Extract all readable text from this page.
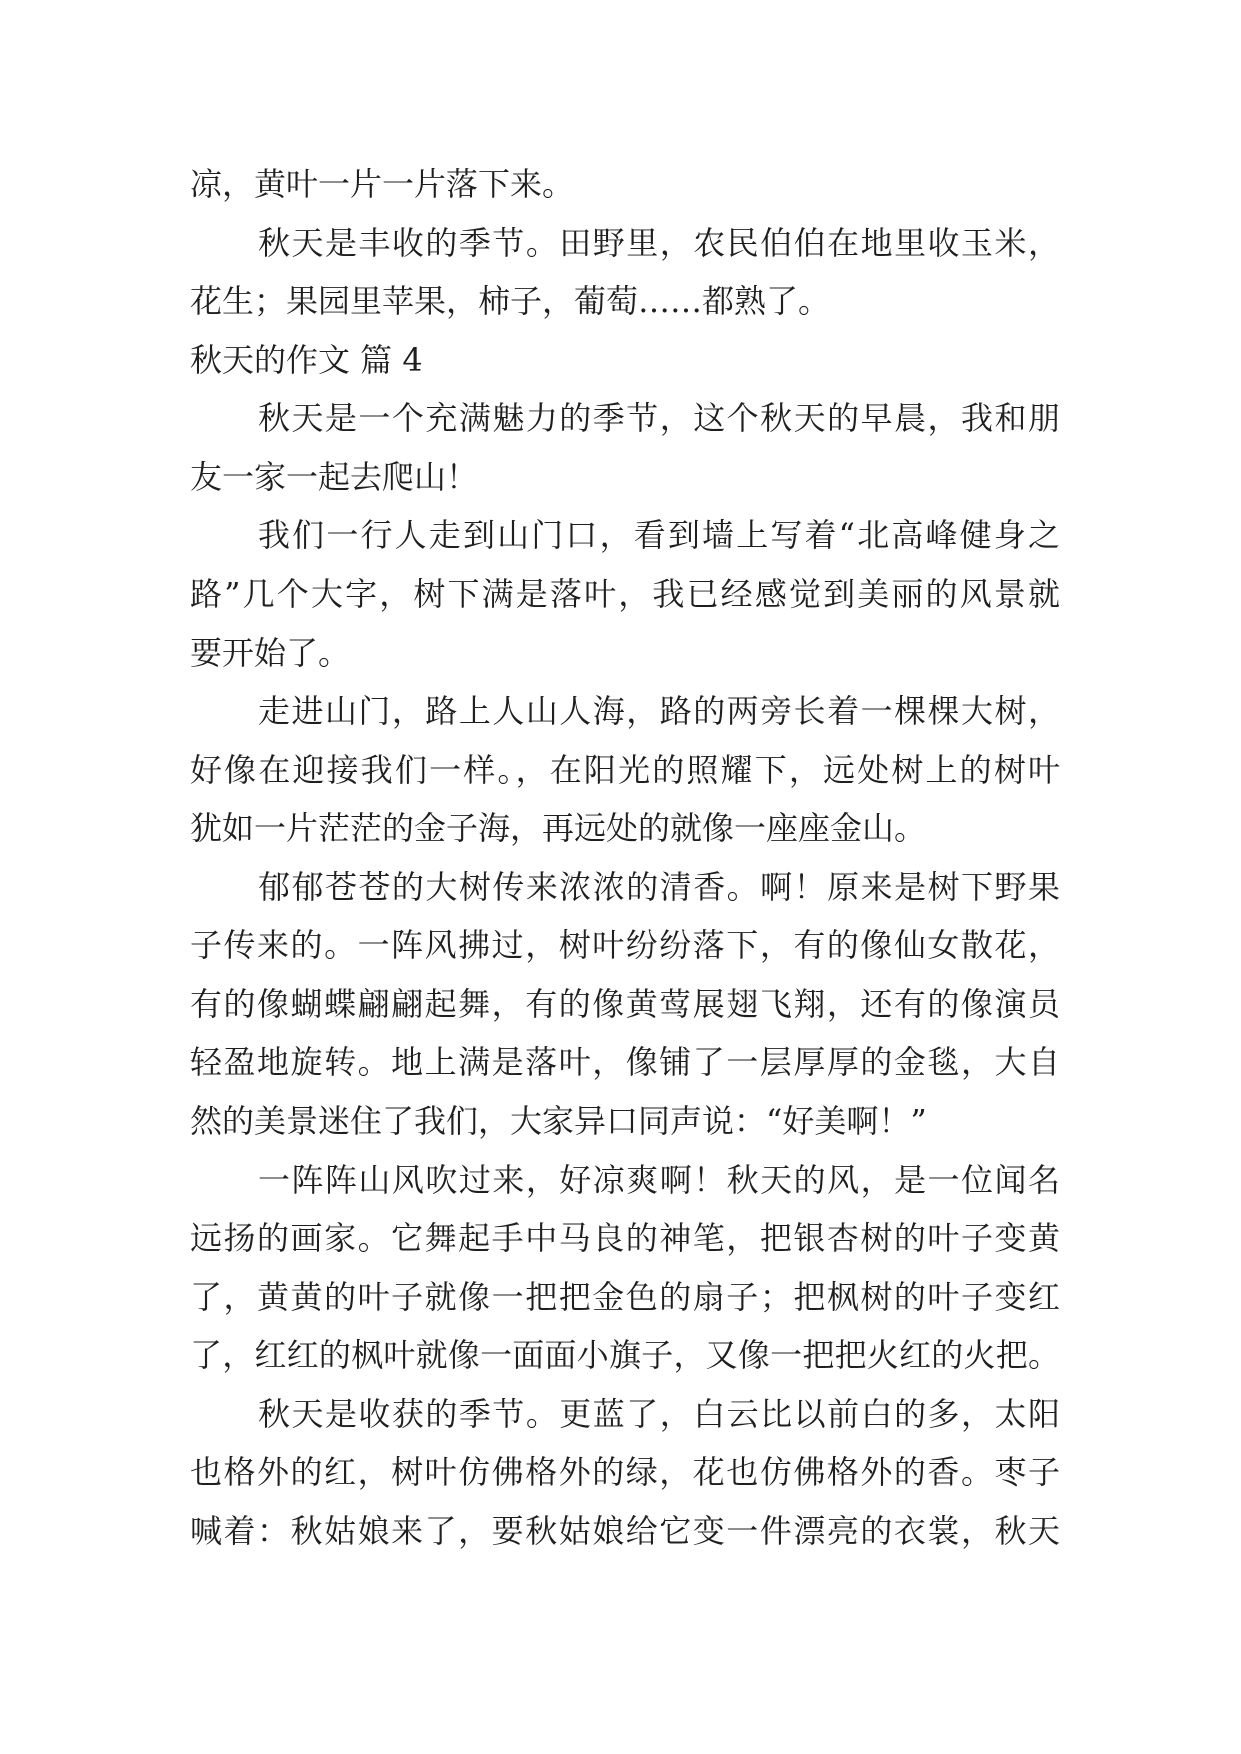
凉，黄叶一片一片落下来。
秋天是丰收的季节。田野里，农民伯伯在地里收玉米，
花生；果园里苹果，柿子，葡萄……都熟了。
秋天的作文 篇 4
秋天是一个充满魅力的季节，这个秋天的早晨，我和朋
友一家一起去爬山！
我们一行人走到山门口，看到墙上写着“北高峰健身之
路”几个大字，树下满是落叶，我已经感觉到美丽的风景就
要开始了。
走进山门，路上人山人海，路的两旁长着一棵棵大树，
好像在迎接我们一样。，在阳光的照耀下，远处树上的树叶
犹如一片茫茫的金子海，再远处的就像一座座金山。
郁郁苍苍的大树传来浓浓的清香。啊！原来是树下野果
子传来的。一阵风拂过，树叶纷纷落下，有的像仙女散花，
有的像蝴蝶翩翩起舞，有的像黄莺展翅飞翔，还有的像演员
轻盈地旋转。地上满是落叶，像铺了一层厚厚的金毯，大自
然的美景迷住了我们，大家异口同声说：“好美啊！”
一阵阵山风吹过来，好凉爽啊！秋天的风，是一位闻名
远扬的画家。它舞起手中马良的神笔，把银杏树的叶子变黄
了，黄黄的叶子就像一把把金色的扇子；把枫树的叶子变红
了，红红的枫叶就像一面面小旗子，又像一把把火红的火把。
秋天是收获的季节。更蓝了，白云比以前白的多，太阳
也格外的红，树叶仿佛格外的绿，花也仿佛格外的香。枣子
喊着：秋姑娘来了，要秋姑娘给它变一件漂亮的衣裳，秋天
